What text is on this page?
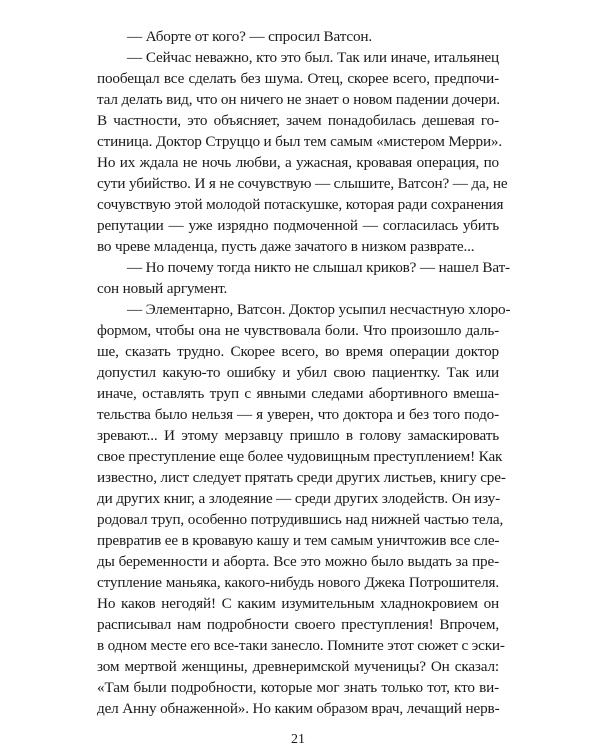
— Аборте от кого? — спросил Ватсон.
— Сейчас неважно, кто это был. Так или иначе, итальянец
пообещал все сделать без шума. Отец, скорее всего, предпочи-
тал делать вид, что он ничего не знает о новом падении дочери.
В частности, это объясняет, зачем понадобилась дешевая го-
стиница. Доктор Струццо и был тем самым «мистером Мерри».
Но их ждала не ночь любви, а ужасная, кровавая операция, по
сути убийство. И я не сочувствую — слышите, Ватсон? — да, не
сочувствую этой молодой потаскушке, которая ради сохранения
репутации — уже изрядно подмоченной — согласилась убить
во чреве младенца, пусть даже зачатого в низком разврате...
— Но почему тогда никто не слышал криков? — нашел Ват-
сон новый аргумент.
— Элементарно, Ватсон. Доктор усыпил несчастную хлоро-
формом, чтобы она не чувствовала боли. Что произошло даль-
ше, сказать трудно. Скорее всего, во время операции доктор
допустил какую-то ошибку и убил свою пациентку. Так или
иначе, оставлять труп с явными следами абортивного вмеша-
тельства было нельзя — я уверен, что доктора и без того подо-
зревают... И этому мерзавцу пришло в голову замаскировать
свое преступление еще более чудовищным преступлением! Как
известно, лист следует прятать среди других листьев, книгу сре-
ди других книг, а злодеяние — среди других злодейств. Он изу-
родовал труп, особенно потрудившись над нижней частью тела,
превратив ее в кровавую кашу и тем самым уничтожив все сле-
ды беременности и аборта. Все это можно было выдать за пре-
ступление маньяка, какого-нибудь нового Джека Потрошителя.
Но каков негодяй! С каким изумительным хладнокровием он
расписывал нам подробности своего преступления! Впрочем,
в одном месте его все-таки занесло. Помните этот сюжет с эски-
зом мертвой женщины, древнеримской мученицы? Он сказал:
«Там были подробности, которые мог знать только тот, кто ви-
дел Анну обнаженной». Но каким образом врач, лечащий нерв-
21
